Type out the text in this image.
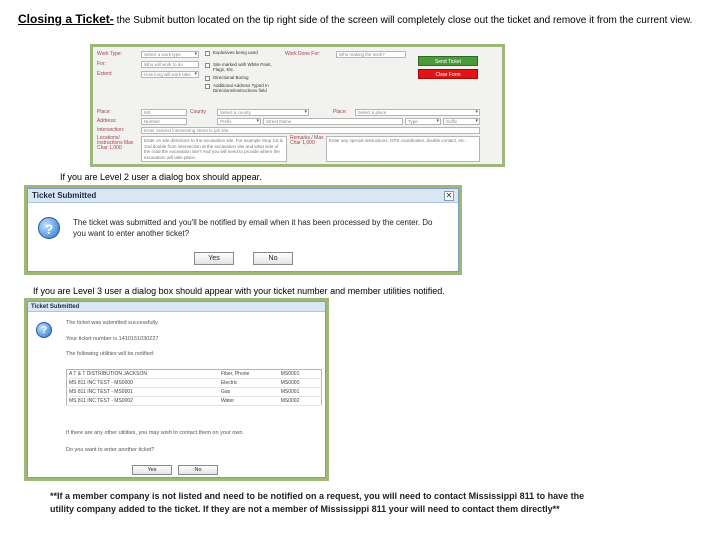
Closing a Ticket- the Submit button located on the tip right side of the screen will completely close out the ticket and remove it from the current view.
Work Type:	Select a work type ▾
For:	Who will work to do
Extent:	How long will work take ▾
Explosives being used
Site marked with White Paint, Flags, Etc.
Directional Boring
Additional Address Typed In Directions/Instructions field
Work Done For:	Who making the work?
Send Ticket
Clear Form
Place:	MS	County	Select a county ▾	Place:	Select a place ▾
Address:	Number	Prefix ▾	Street Name	Type ▾	Suffix ▾
Intersection:	Enter nearest intersecting street to job site.
Locations/ Instructions Max Char 1,000
Enter on site directions to the excavation site. For example Stop 1st & 2nd double from intersection at the excavation site and what side of the road the excavation site? And you will need to provide where the excavation will take place.
Remarks / Max Char 1,000	Enter any special instructions, GPS coordinates, double contact, etc.
If you are Level 2 user a dialog box should appear.
Ticket Submitted	✕
?	The ticket was submitted and you'll be notified by email when it has been processed by the center. Do you want to enter another ticket?
Yes	No
If you are Level 3 user a dialog box should appear with your ticket number and member utilities notified.
Ticket Submitted
?
The ticket was submitted successfully.
Your ticket number is 1410151030227
The following utilities will be notified:
A T & T DISTRIBUTION JACKSON	Fiber, Phone	MS0001
MS 811 INC TEST - MS0000	Electric	MS0000
MS 811 INC TEST - MS0001	Gas	MS0001
MS 811 INC TEST - MS0002	Water	MS0002
If there are any other utilities, you may wish to contact them on your own.
Do you want to enter another ticket?
Yes	No
**If a member company is not listed and need to be notified on a request, you will need to contact Mississippi 811 to have the utility company added to the ticket. If they are not a member of Mississippi 811 your will need to contact them directly**
